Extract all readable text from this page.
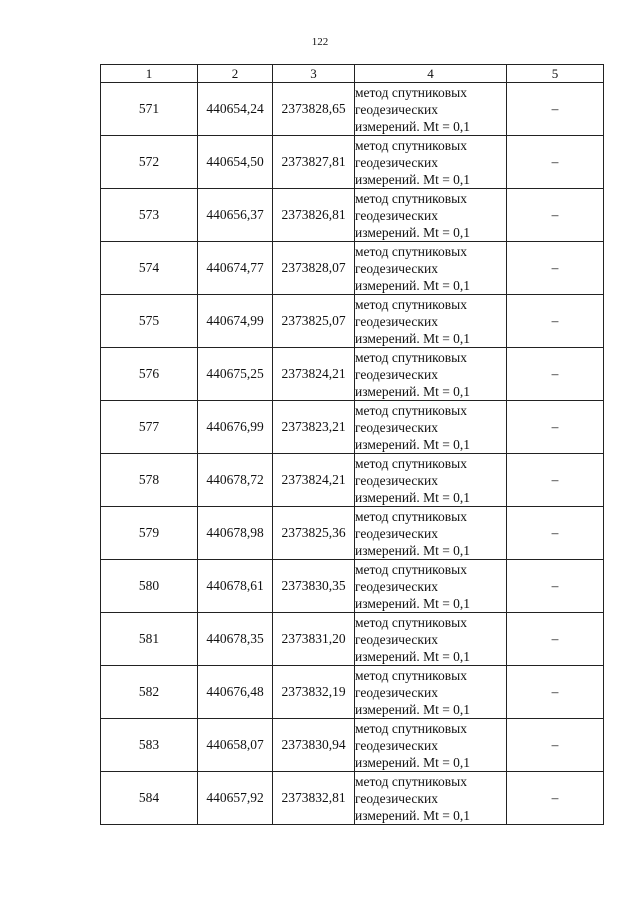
122
1	2	3	4	5
571	440654,24	2373828,65	метод спутниковых
геодезических
измерений. Mt = 0,1	–
572	440654,50	2373827,81	метод спутниковых
геодезических
измерений. Mt = 0,1	–
573	440656,37	2373826,81	метод спутниковых
геодезических
измерений. Mt = 0,1	–
574	440674,77	2373828,07	метод спутниковых
геодезических
измерений. Mt = 0,1	–
575	440674,99	2373825,07	метод спутниковых
геодезических
измерений. Mt = 0,1	–
576	440675,25	2373824,21	метод спутниковых
геодезических
измерений. Mt = 0,1	–
577	440676,99	2373823,21	метод спутниковых
геодезических
измерений. Mt = 0,1	–
578	440678,72	2373824,21	метод спутниковых
геодезических
измерений. Mt = 0,1	–
579	440678,98	2373825,36	метод спутниковых
геодезических
измерений. Mt = 0,1	–
580	440678,61	2373830,35	метод спутниковых
геодезических
измерений. Mt = 0,1	–
581	440678,35	2373831,20	метод спутниковых
геодезических
измерений. Mt = 0,1	–
582	440676,48	2373832,19	метод спутниковых
геодезических
измерений. Mt = 0,1	–
583	440658,07	2373830,94	метод спутниковых
геодезических
измерений. Mt = 0,1	–
584	440657,92	2373832,81	метод спутниковых
геодезических
измерений. Mt = 0,1	–
